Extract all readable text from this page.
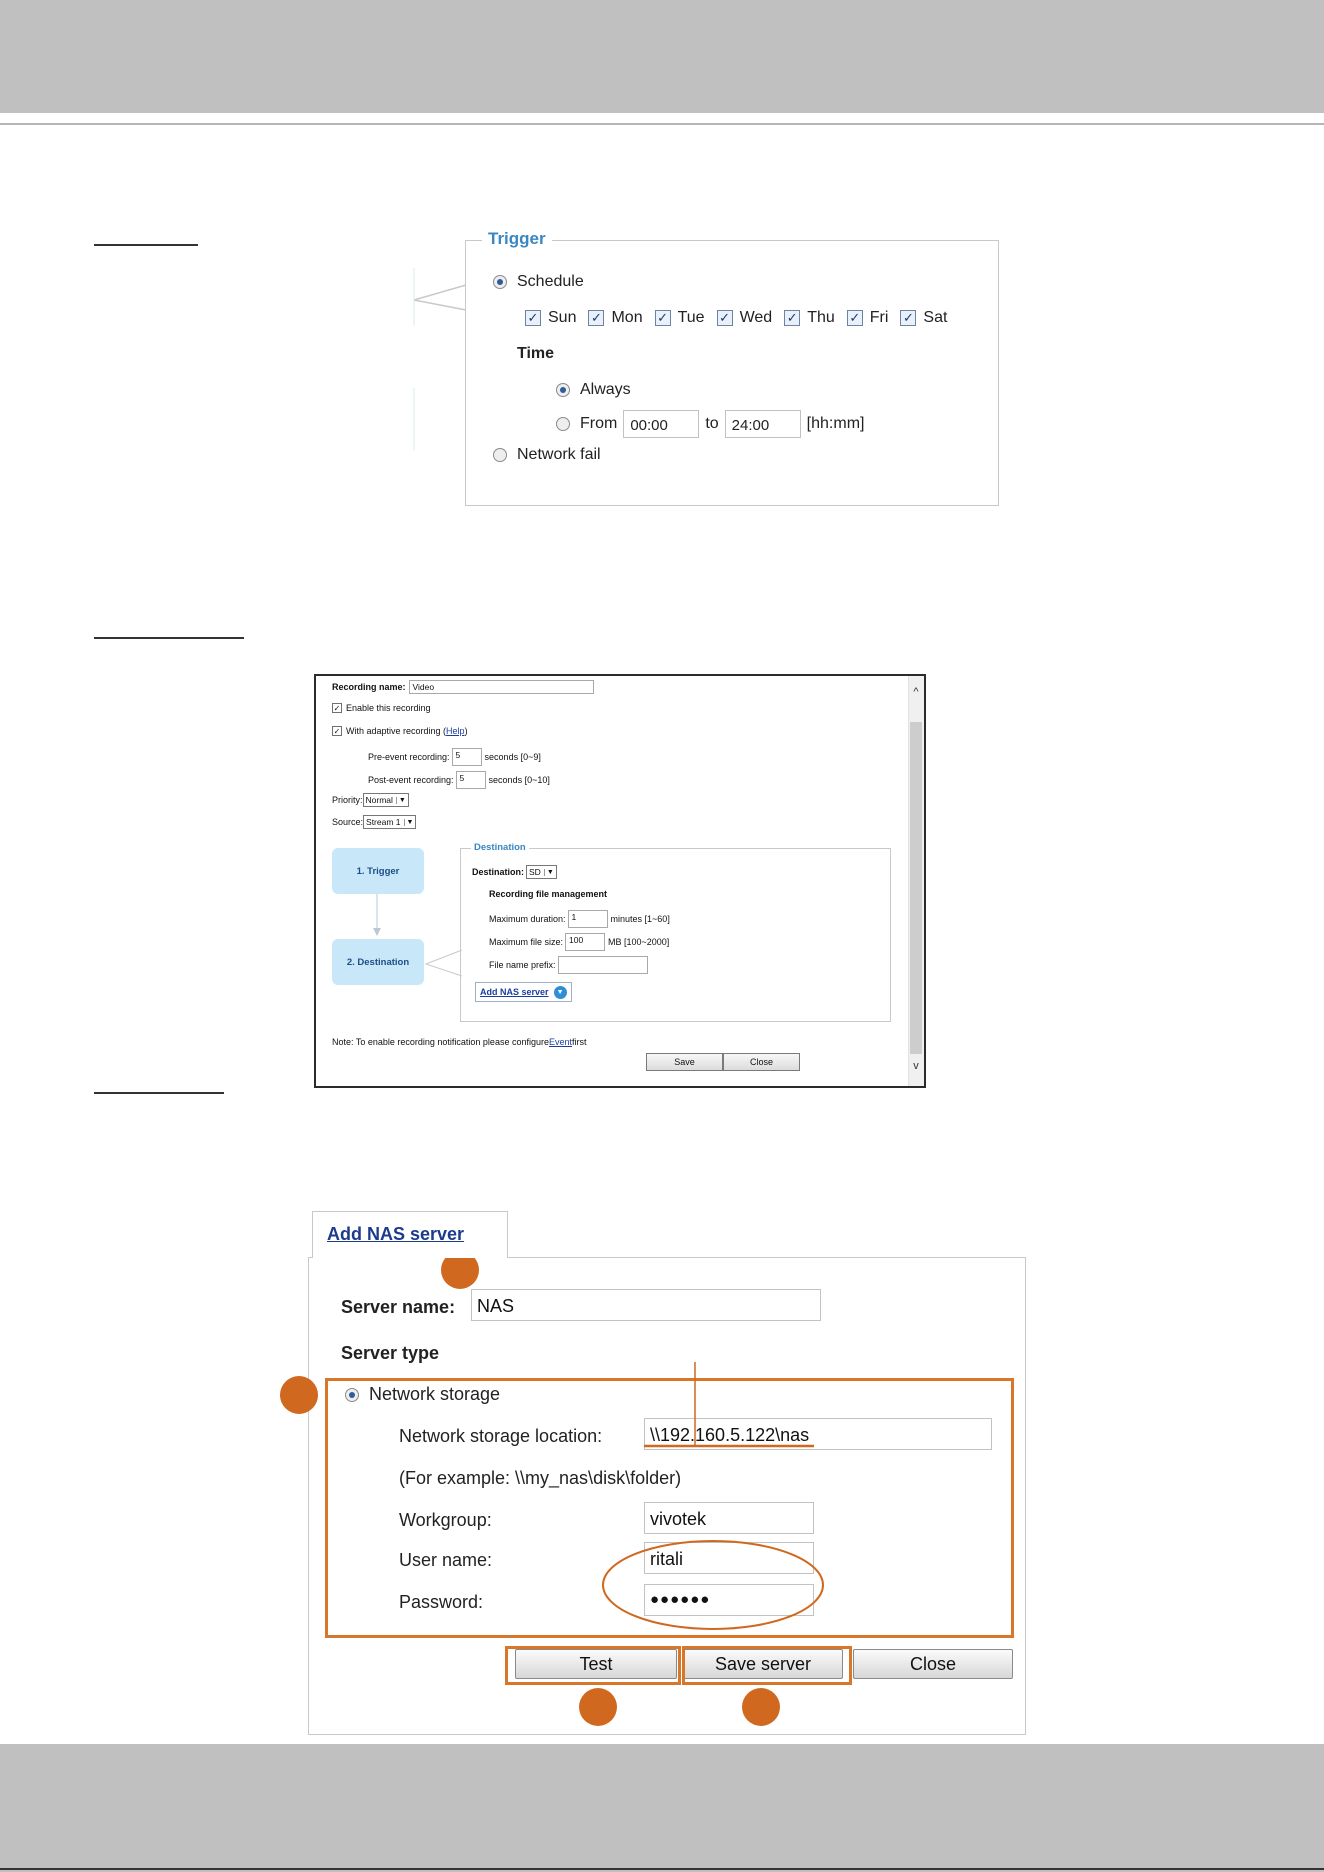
Trigger
Schedule
✓ Sun ✓ Mon ✓ Tue ✓ Wed ✓ Thu ✓ Fri ✓ Sat
Time
Always
From 00:00	to 24:00	[hh:mm]
Network fail
Recording name: Video
✓ Enable this recording
✓ With adaptive recording ( Help )
Pre-event recording: 5	seconds [0~9]
Post-event recording: 5	seconds [0~10]
Priority: Normal ▼
Source: Stream 1 ▼
1. Trigger
2. Destination
Destination
Destination: SD ▼
Recording file management
Maximum duration: 1	minutes [1~60]
Maximum file size: 100	MB [100~2000]
File name prefix:
Add NAS server	▼
Note: To enable recording notification please configure Event first
Save	Close
^
v
Add NAS server
Server name:	NAS
Server type
Network storage
Network storage location:	\\192.160.5.122\nas
(For example: \\my_nas\disk\folder)
Workgroup:	vivotek
User name:	ritali
Password:	●●●●●●
Test	Save server	Close
